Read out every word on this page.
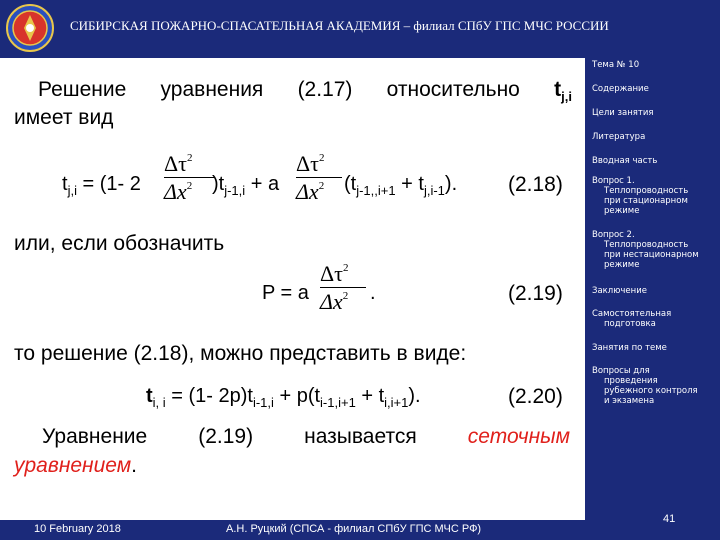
СИБИРСКАЯ ПОЖАРНО-СПАСАТЕЛЬНАЯ АКАДЕМИЯ – филиал СПбУ ГПС МЧС РОССИИ
Тема № 10
Содержание
Цели занятия
Литература
Вводная часть
Вопрос 1.
Теплопроводность
при стационарном
режиме
Вопрос 2.
Теплопроводность
при нестационарном
режиме
Заключение
Самостоятельная
подготовка
Занятия по теме
Вопросы для
проведения
рубежного контроля
и экзамена
Решение уравнения (2.17) относительно $t_{j,i}$
имеет вид
$t_{j,i} = (1-$ 2
$\Delta\tau^2$
$\Delta x^2$ )$t_{j-1,i} + a$
$\Delta\tau^2$
$\Delta x^2$ $(t_{j-1,,i+1} + t_{j,i-1})$. (2.18)
или, если обозначить
P = a
$\Delta\tau^2$
$\Delta x^2$ .	(2.19)
то решение (2.18), можно представить в виде:
$t_{i, i} = (1-$ $2p)t_{i-1,i} + p(t_{i-1,i+1} + t_{i,i+1})$.	(2.20)
Уравнение (2.19) называется сеточным
уравнением.
10 February 2018	А.Н. Руцкий (СПСА - филиал СПбУ ГПС МЧС РФ)
41
